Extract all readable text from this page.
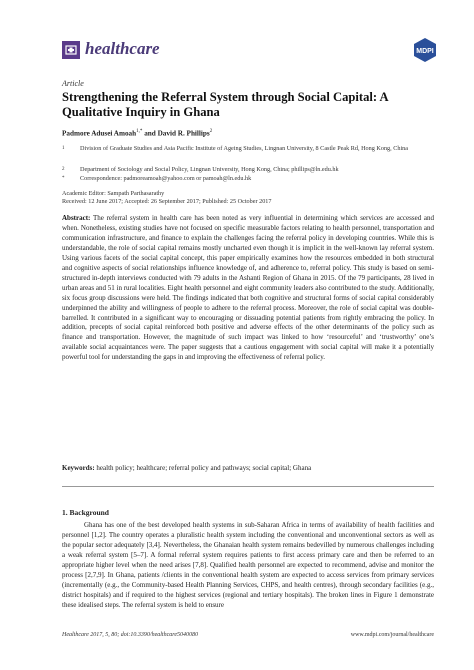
healthcare	MDPI
Article
Strengthening the Referral System through Social Capital: A Qualitative Inquiry in Ghana
Padmore Adusei Amoah$^{1,*}$ and David R. Phillips$^2$
1	Division of Graduate Studies and Asia Pacific Institute of Ageing Studies, Lingnan University, 8 Castle Peak Rd, Hong Kong, China
2	Department of Sociology and Social Policy, Lingnan University, Hong Kong, China; phillips@ln.edu.hk
*	Correspondence: padmoreamoah@yahoo.com or pamoah@ln.edu.hk
Academic Editor: Sampath Parthasarathy
Received: 12 June 2017; Accepted: 26 September 2017; Published: 25 October 2017
Abstract: The referral system in health care has been noted as very influential in determining which services are accessed and when. Nonetheless, existing studies have not focused on specific measurable factors relating to health personnel, transportation and communication infrastructure, and finance to explain the challenges facing the referral policy in developing countries. While this is understandable, the role of social capital remains mostly uncharted even though it is implicit in the well-known lay referral system. Using various facets of the social capital concept, this paper empirically examines how the resources embedded in both structural and cognitive aspects of social relationships influence knowledge of, and adherence to, referral policy. This study is based on semi-structured in-depth interviews conducted with 79 adults in the Ashanti Region of Ghana in 2015. Of the 79 participants, 28 lived in urban areas and 51 in rural localities. Eight health personnel and eight community leaders also contributed to the study. Additionally, six focus group discussions were held. The findings indicated that both cognitive and structural forms of social capital considerably underpinned the ability and willingness of people to adhere to the referral process. Moreover, the role of social capital was double-barrelled. It contributed in a significant way to encouraging or dissuading potential patients from rightly embracing the policy. In addition, precepts of social capital reinforced both positive and adverse effects of the other determinants of the policy such as finance and transportation. However, the magnitude of such impact was linked to how ‘resourceful’ and ‘trustworthy’ one’s available social acquaintances were. The paper suggests that a cautious engagement with social capital will make it a potentially powerful tool for understanding the gaps in and improving the effectiveness of referral policy.
Keywords: health policy; healthcare; referral policy and pathways; social capital; Ghana
1. Background
Ghana has one of the best developed health systems in sub-Saharan Africa in terms of availability of health facilities and personnel [1,2]. The country operates a pluralistic health system including the conventional and unconventional sectors as well as the popular sector adequately [3,4]. Nevertheless, the Ghanaian health system remains bedevilled by numerous challenges including a weak referral system [5–7]. A formal referral system requires patients to first access primary care and then be referred to an appropriate higher level when the need arises [7,8]. Qualified health personnel are expected to recommend, advise and monitor the process [2,7,9]. In Ghana, patients /clients in the conventional health system are expected to access services from primary services (incrementally (e.g., the Community-based Health Planning Services, CHPS, and health centres), through secondary facilities (e.g., district hospitals) and if required to the highest services (regional and tertiary hospitals). The broken lines in Figure 1 demonstrate these idealised steps. The referral system is held to ensure
Healthcare 2017, 5, 80; doi:10.3390/healthcare5040080	www.mdpi.com/journal/healthcare
